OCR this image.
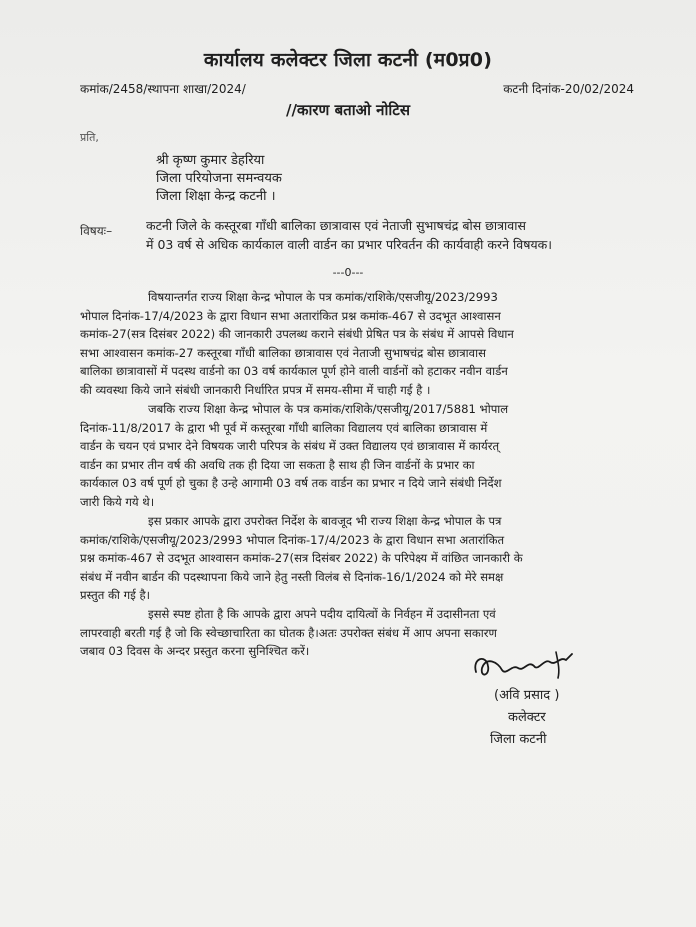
कार्यालय कलेक्टर जिला कटनी (म0प्र0)
कमांक/2458/स्थापना शाखा/2024/	कटनी दिनांक-20/02/2024
//कारण बताओ नोटिस
प्रति,
श्री कृष्ण कुमार डेहरिया
जिला परियोजना समन्वयक
जिला शिक्षा केन्द्र कटनी ।
विषयः–	कटनी जिले के कस्तूरबा गाँधी बालिका छात्रावास एवं नेताजी सुभाषचंद्र बोस छात्रावास
में 03 वर्ष से अधिक कार्यकाल वाली वार्डन का प्रभार परिवर्तन की कार्यवाही करने विषयक।
---0---

विषयान्तर्गत राज्य शिक्षा केन्द्र भोपाल के पत्र कमांक/राशिके/एसजीयू/2023/2993

भोपाल दिनांक-17/4/2023 के द्वारा विधान सभा अतारांकित प्रश्न कमांक-467 से उदभूत आश्वासन

कमांक-27(सत्र दिसंबर 2022) की जानकारी उपलब्ध कराने संबंधी प्रेषित पत्र के संबंध में आपसे विधान

सभा आश्वासन कमांक-27 कस्तूरबा गाँधी बालिका छात्रावास एवं नेताजी सुभाषचंद्र बोस छात्रावास

बालिका छात्रावासों में पदस्थ वार्डनो का 03 वर्ष कार्यकाल पूर्ण होने वाली वार्डनों को हटाकर नवीन वार्डन

की व्यवस्था किये जाने संबंधी जानकारी निर्धारित प्रपत्र में समय-सीमा में चाही गई है ।

जबकि राज्य शिक्षा केन्द्र भोपाल के पत्र कमांक/राशिके/एसजीयू/2017/5881 भोपाल

दिनांक-11/8/2017 के द्वारा भी पूर्व में कस्तूरबा गाँधी बालिका विद्यालय एवं बालिका छात्रावास में

वार्डन के चयन एवं प्रभार देने विषयक जारी परिपत्र के संबंध में उक्त विद्यालय एवं छात्रावास में कार्यरत्

वार्डन का प्रभार तीन वर्ष की अवधि तक ही दिया जा सकता है साथ ही जिन वार्डनों के प्रभार का

कार्यकाल 03 वर्ष पूर्ण हो चुका है उन्हे आगामी 03 वर्ष तक वार्डन का प्रभार न दिये जाने संबंधी निर्देश

जारी किये गये थे।

इस प्रकार आपके द्वारा उपरोक्त निर्देश के बावजूद भी राज्य शिक्षा केन्द्र भोपाल के पत्र

कमांक/राशिके/एसजीयू/2023/2993 भोपाल दिनांक-17/4/2023 के द्वारा विधान सभा अतारांकित

प्रश्न कमांक-467 से उदभूत आश्वासन कमांक-27(सत्र दिसंबर 2022) के परिपेक्ष्य में वांछित जानकारी के

संबंध में नवीन बार्डन की पदस्थापना किये जाने हेतु नस्ती विलंब से दिनांक-16/1/2024 को मेरे समक्ष

प्रस्तुत की गई है।

इससे स्पष्ट होता है कि आपके द्वारा अपने पदीय दायित्वों के निर्वहन में उदासीनता एवं

लापरवाही बरती गई है जो कि स्वेच्छाचारिता का घोतक है।अतः उपरोक्त संबंध में आप अपना सकारण

जबाव 03 दिवस के अन्दर प्रस्तुत करना सुनिश्चित करें।

(अवि प्रसाद )
कलेक्टर
जिला कटनी
